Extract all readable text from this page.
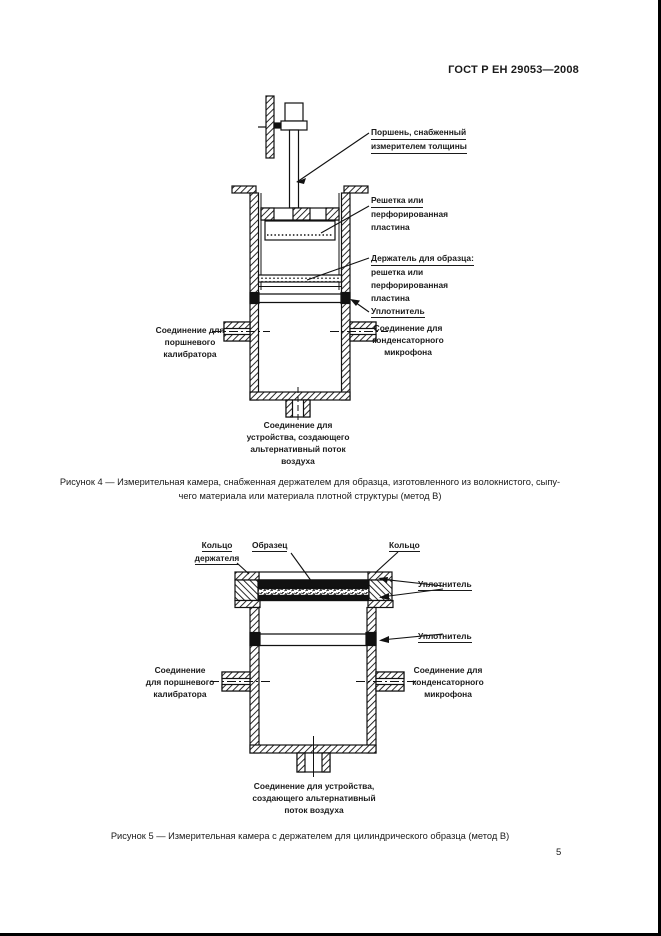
ГОСТ Р ЕН 29053—2008
Поршень, снабженный
измерителем толщины
Решетка или
перфорированная
пластина
Держатель для образца:
решетка или
перфорированная
пластина
Уплотнитель
Соединение для
поршневого
калибратора
Соединение для
конденсаторного
микрофона
Соединение для
устройства, создающего
альтернативный поток
воздуха
Рисунок 4 — Измерительная камера, снабженная держателем для образца, изготовленного из волокнистого, сыпу-
чего материала или материала плотной структуры (метод В)
Кольцо
держателя
Образец	Кольцо
Уплотнитель
Уплотнитель
Соединение
для поршневого
калибратора
Соединение для
конденсаторного
микрофона
Соединение для устройства,
создающего альтернативный
поток воздуха
Рисунок 5 — Измерительная камера с держателем для цилиндрического образца (метод В)
5
